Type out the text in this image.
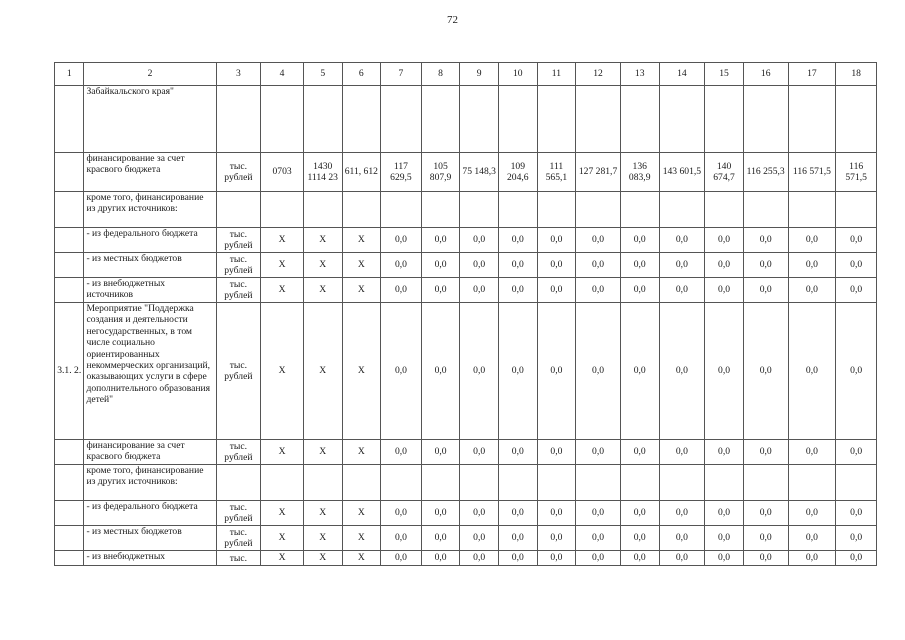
72
1	2	3	4	5	6	7	8	9	10	11	12	13	14	15	16	17	18
	Забайкальского края"																
	финансирование за счет красвого бюджета	тыс. рублей	0703	1430 1114 23	611, 612	117 629,5	105 807,9	75 148,3	109 204,6	111 565,1	127 281,7	136 083,9	143 601,5	140 674,7	116 255,3	116 571,5	116 571,5
	кроме того, финансирование из других источников:																
	- из федерального бюджета	тыс. рублей	X	X	X	0,0	0,0	0,0	0,0	0,0	0,0	0,0	0,0	0,0	0,0	0,0	0,0
	- из местных бюджетов	тыс. рублей	X	X	X	0,0	0,0	0,0	0,0	0,0	0,0	0,0	0,0	0,0	0,0	0,0	0,0
	- из внебюджетных источников	тыс. рублей	X	X	X	0,0	0,0	0,0	0,0	0,0	0,0	0,0	0,0	0,0	0,0	0,0	0,0
3.1. 2.	Мероприятие "Поддержка создания и деятельности негосударственных, в том числе социально ориентированных некоммерческих организаций, оказывающих услуги в сфере дополнительного образования детей"	тыс. рублей	X	X	X	0,0	0,0	0,0	0,0	0,0	0,0	0,0	0,0	0,0	0,0	0,0	0,0
	финансирование за счет красвого бюджета	тыс. рублей	X	X	X	0,0	0,0	0,0	0,0	0,0	0,0	0,0	0,0	0,0	0,0	0,0	0,0
	кроме того, финансирование из других источников:																
	- из федерального бюджета	тыс. рублей	X	X	X	0,0	0,0	0,0	0,0	0,0	0,0	0,0	0,0	0,0	0,0	0,0	0,0
	- из местных бюджетов	тыс. рублей	X	X	X	0,0	0,0	0,0	0,0	0,0	0,0	0,0	0,0	0,0	0,0	0,0	0,0
	- из внебюджетных	тыс.	X	X	X	0,0	0,0	0,0	0,0	0,0	0,0	0,0	0,0	0,0	0,0	0,0	0,0
